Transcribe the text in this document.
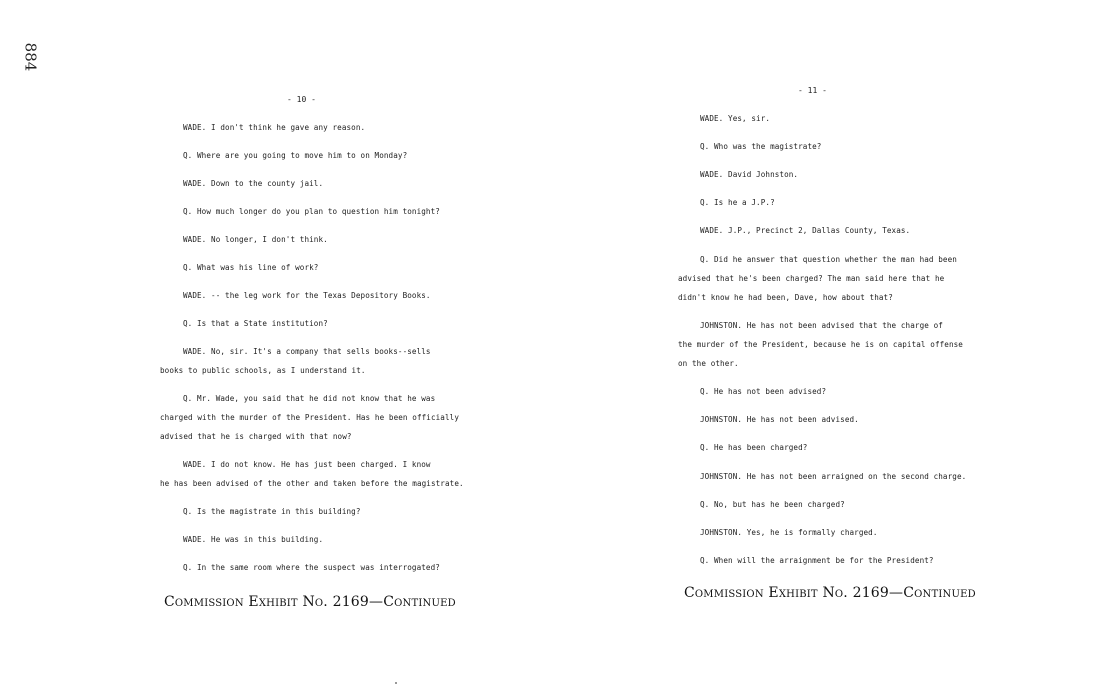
884
- 10 -
WADE. I don't think he gave any reason.
Q. Where are you going to move him to on Monday?
WADE. Down to the county jail.
Q. How much longer do you plan to question him tonight?
WADE. No longer, I don't think.
Q. What was his line of work?
WADE. -- the leg work for the Texas Depository Books.
Q. Is that a State institution?
WADE. No, sir. It's a company that sells books--sells
books to public schools, as I understand it.
Q. Mr. Wade, you said that he did not know that he was
charged with the murder of the President. Has he been officially
advised that he is charged with that now?
WADE. I do not know. He has just been charged. I know
he has been advised of the other and taken before the magistrate.
Q. Is the magistrate in this building?
WADE. He was in this building.
Q. In the same room where the suspect was interrogated?
Commission Exhibit No. 2169—Continued
- 11 -
WADE. Yes, sir.
Q. Who was the magistrate?
WADE. David Johnston.
Q. Is he a J.P.?
WADE. J.P., Precinct 2, Dallas County, Texas.
Q. Did he answer that question whether the man had been
advised that he's been charged? The man said here that he
didn't know he had been, Dave, how about that?
JOHNSTON. He has not been advised that the charge of
the murder of the President, because he is on capital offense
on the other.
Q. He has not been advised?
JOHNSTON. He has not been advised.
Q. He has been charged?
JOHNSTON. He has not been arraigned on the second charge.
Q. No, but has he been charged?
JOHNSTON. Yes, he is formally charged.
Q. When will the arraignment be for the President?
Commission Exhibit No. 2169—Continued
